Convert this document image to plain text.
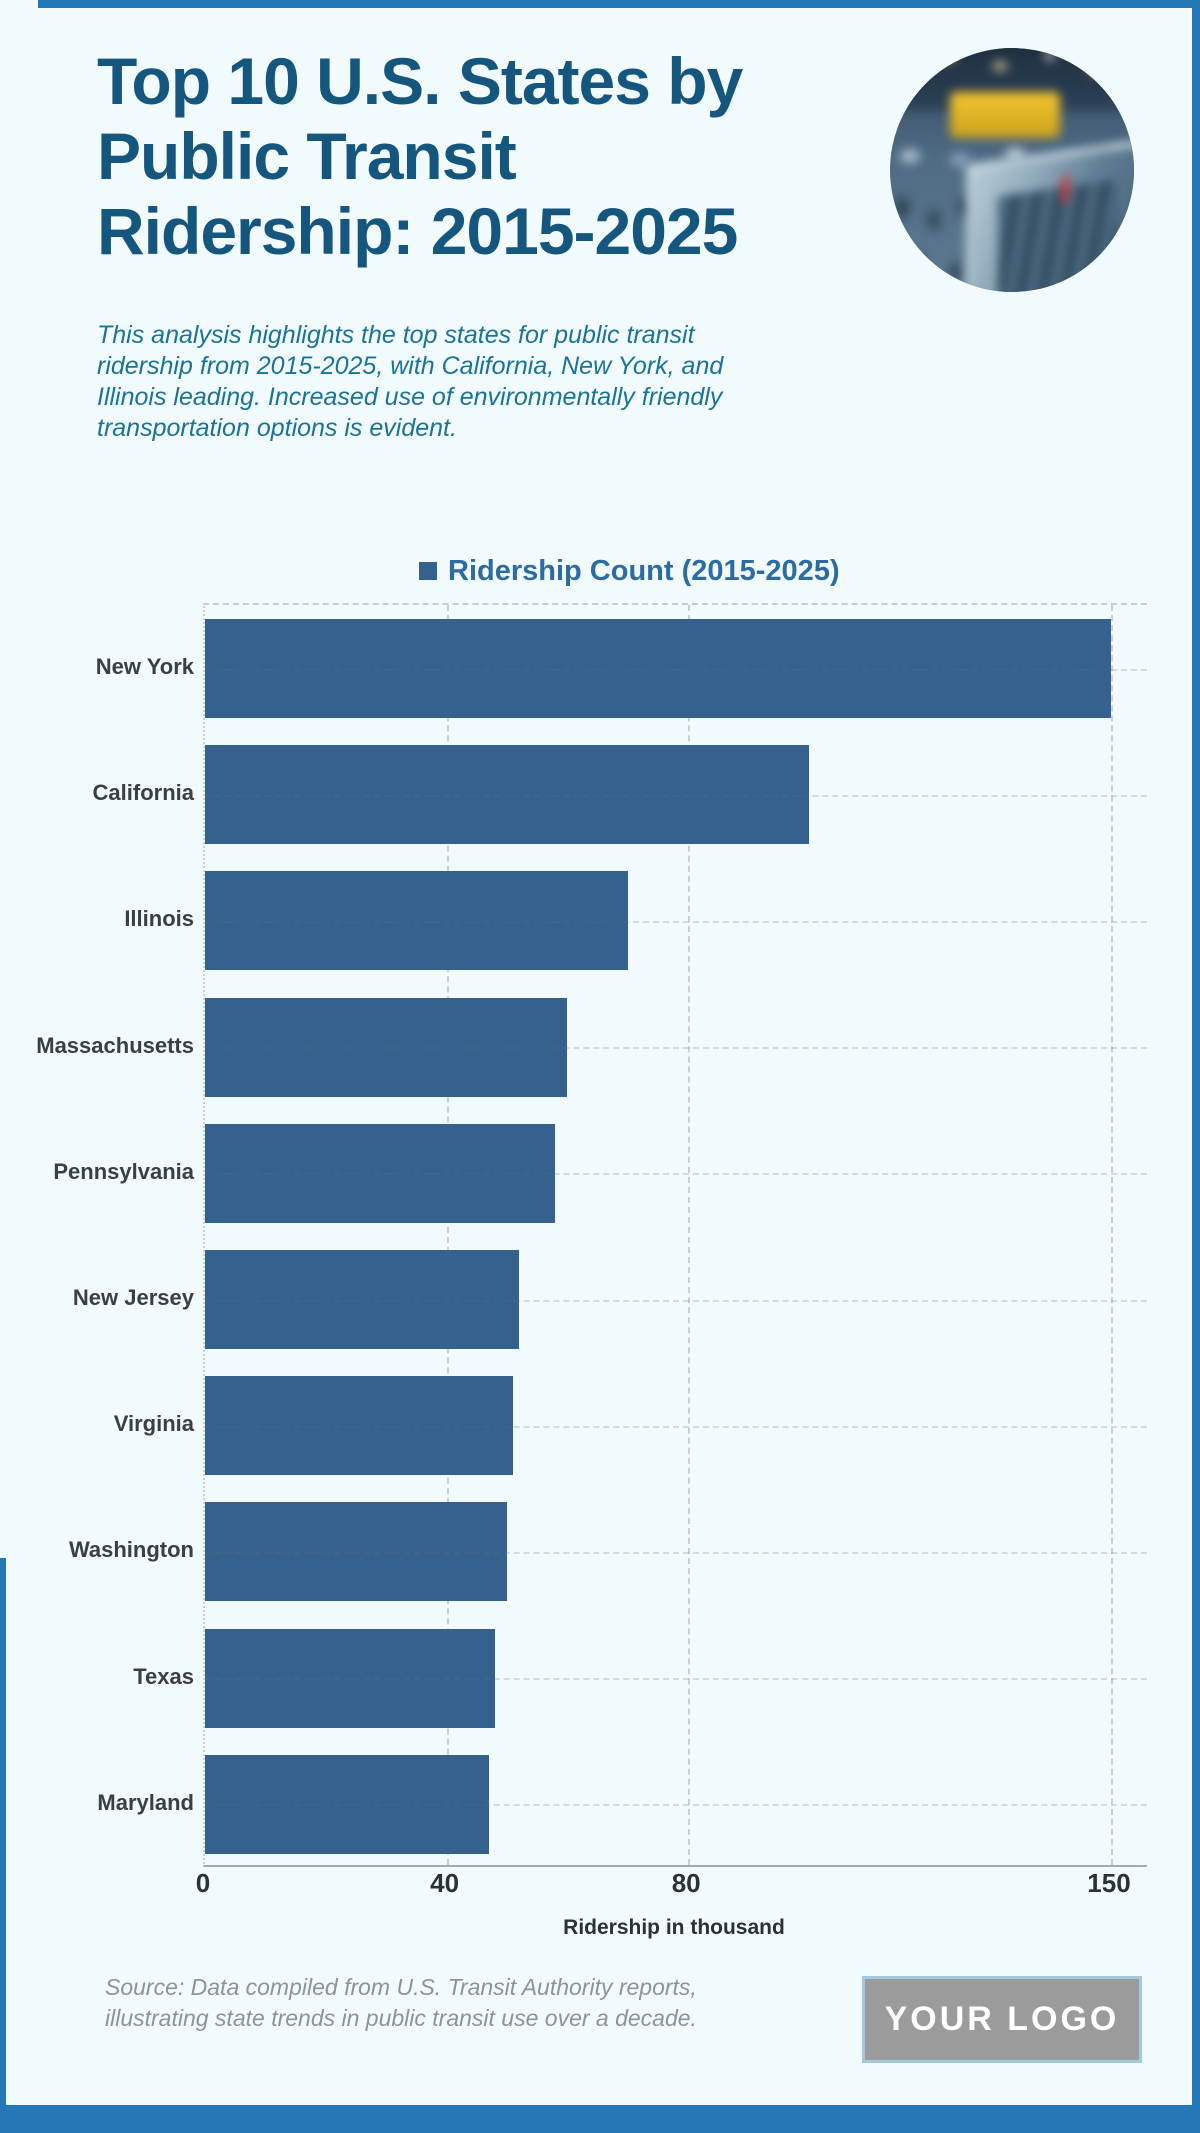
Top 10 U.S. States by
Public Transit
Ridership: 2015-2025

This analysis highlights the top states for public transit
ridership from 2015-2025, with California, New York, and
Illinois leading. Increased use of environmentally friendly
transportation options is evident.

Ridership Count (2015-2025)
New York
California
Illinois
Massachusetts
Pennsylvania
New Jersey
Virginia
Washington
Texas
Maryland
0	40	80	150
Ridership in thousand

Source: Data compiled from U.S. Transit Authority reports,
illustrating state trends in public transit use over a decade.	YOUR LOGO
